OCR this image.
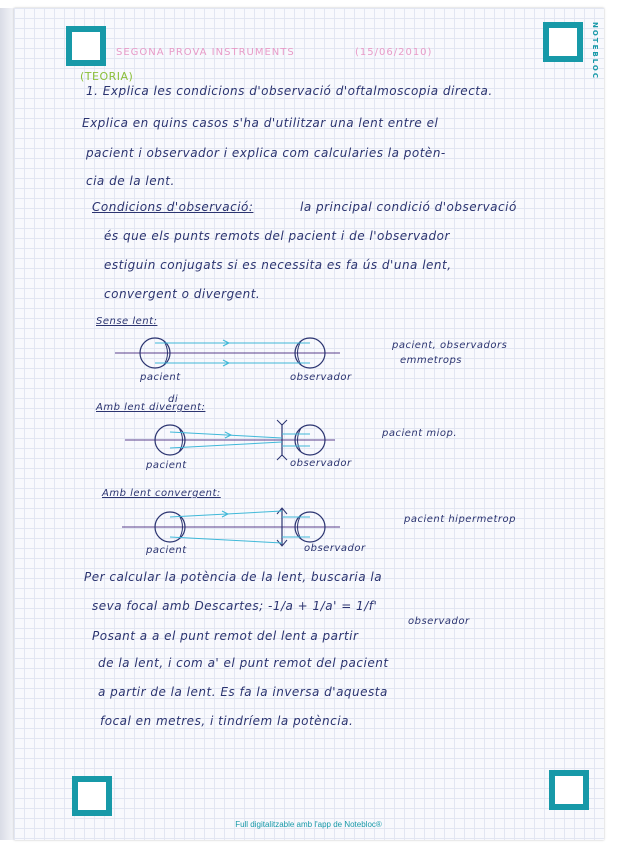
NOTEBLOC
Full digitalitzable amb l'app de Notebloc®
SEGONA PROVA INSTRUMENTS	(15/06/2010)
(TEORIA)
1. Explica les condicions d'observació d'oftalmoscopia directa.
Explica en quins casos s'ha d'utilitzar una lent entre el
pacient i observador i explica com calcularies la potèn-
cia de la lent.
Condicions d'observació:	la principal condició d'observació
és que els punts remots del pacient i de l'observador
estiguin conjugats si es necessita es fa ús d'una lent,
convergent o divergent.
Sense lent:
pacient	observador
pacient, observadors
emmetrops
di
Amb lent divergent:
pacient	observador
pacient miop.
Amb lent convergent:
pacient	observador
pacient hipermetrop
Per calcular la potència de la lent, buscaria la
seva focal amb Descartes; -1/a + 1/a' = 1/f'
observador
Posant a a el punt remot del lent a partir
de la lent, i com a' el punt remot del pacient
a partir de la lent. Es fa la inversa d'aquesta
focal en metres, i tindríem la potència.
